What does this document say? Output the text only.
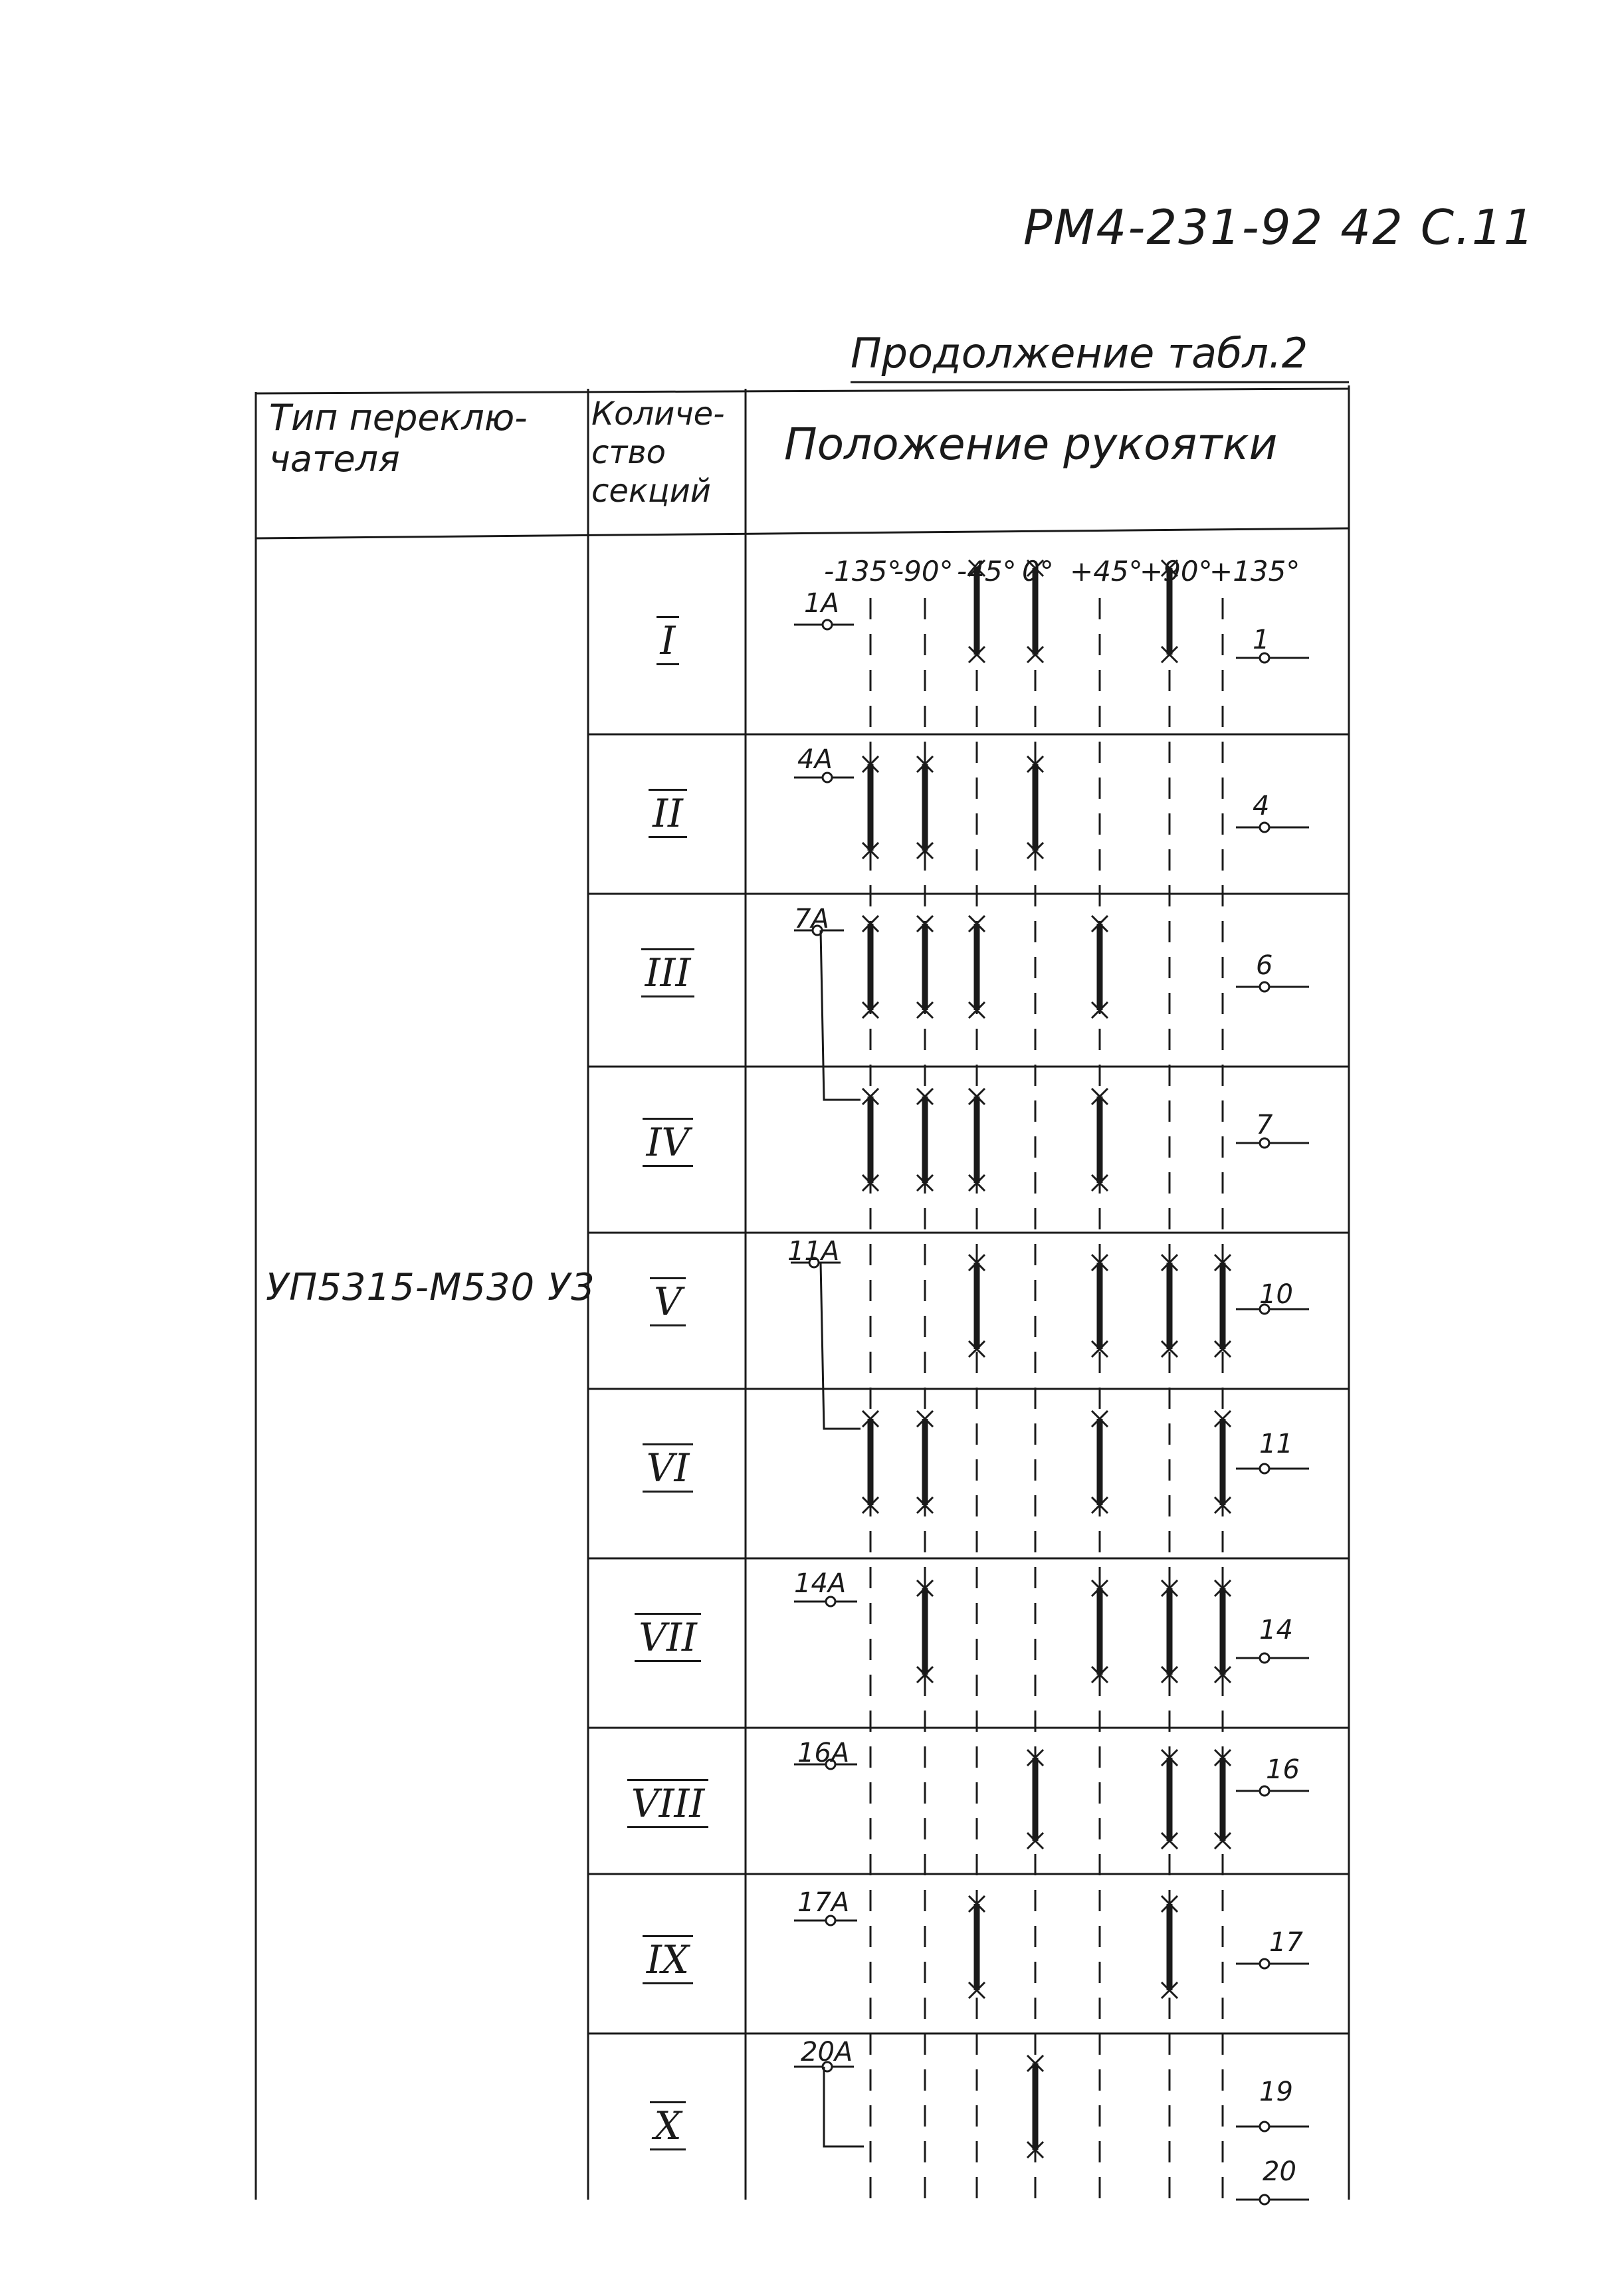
РМ4-231-92 42 С.11
Продолжение табл.2
Тип переклю-чателя
Количе-ство секций
Положение рукоятки
УП5315-М530 У3
-135°
-90° -45° 0° +45°
+90°
+135°
I
II
III
IV
V
VI
VII
VIII
IX
X
1А
1
4А
4
7А
6
7
11А
10
11
14А
14
16А
16
17А
17
20А
19
20
